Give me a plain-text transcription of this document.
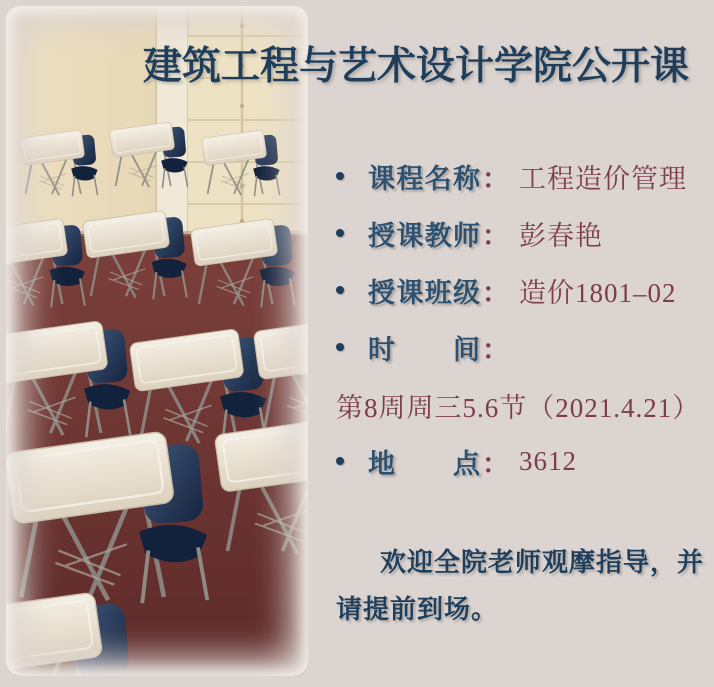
建筑工程与艺术设计学院公开课
课程名称 ： 工程造价管理
授课教师 ： 彭春艳
授课班级 ： 造价1801–02
时间 ：
第8周周三5.6节（2021.4.21）
地点 ： 3612
欢迎全院老师观摩指导，并
请提前到场。
